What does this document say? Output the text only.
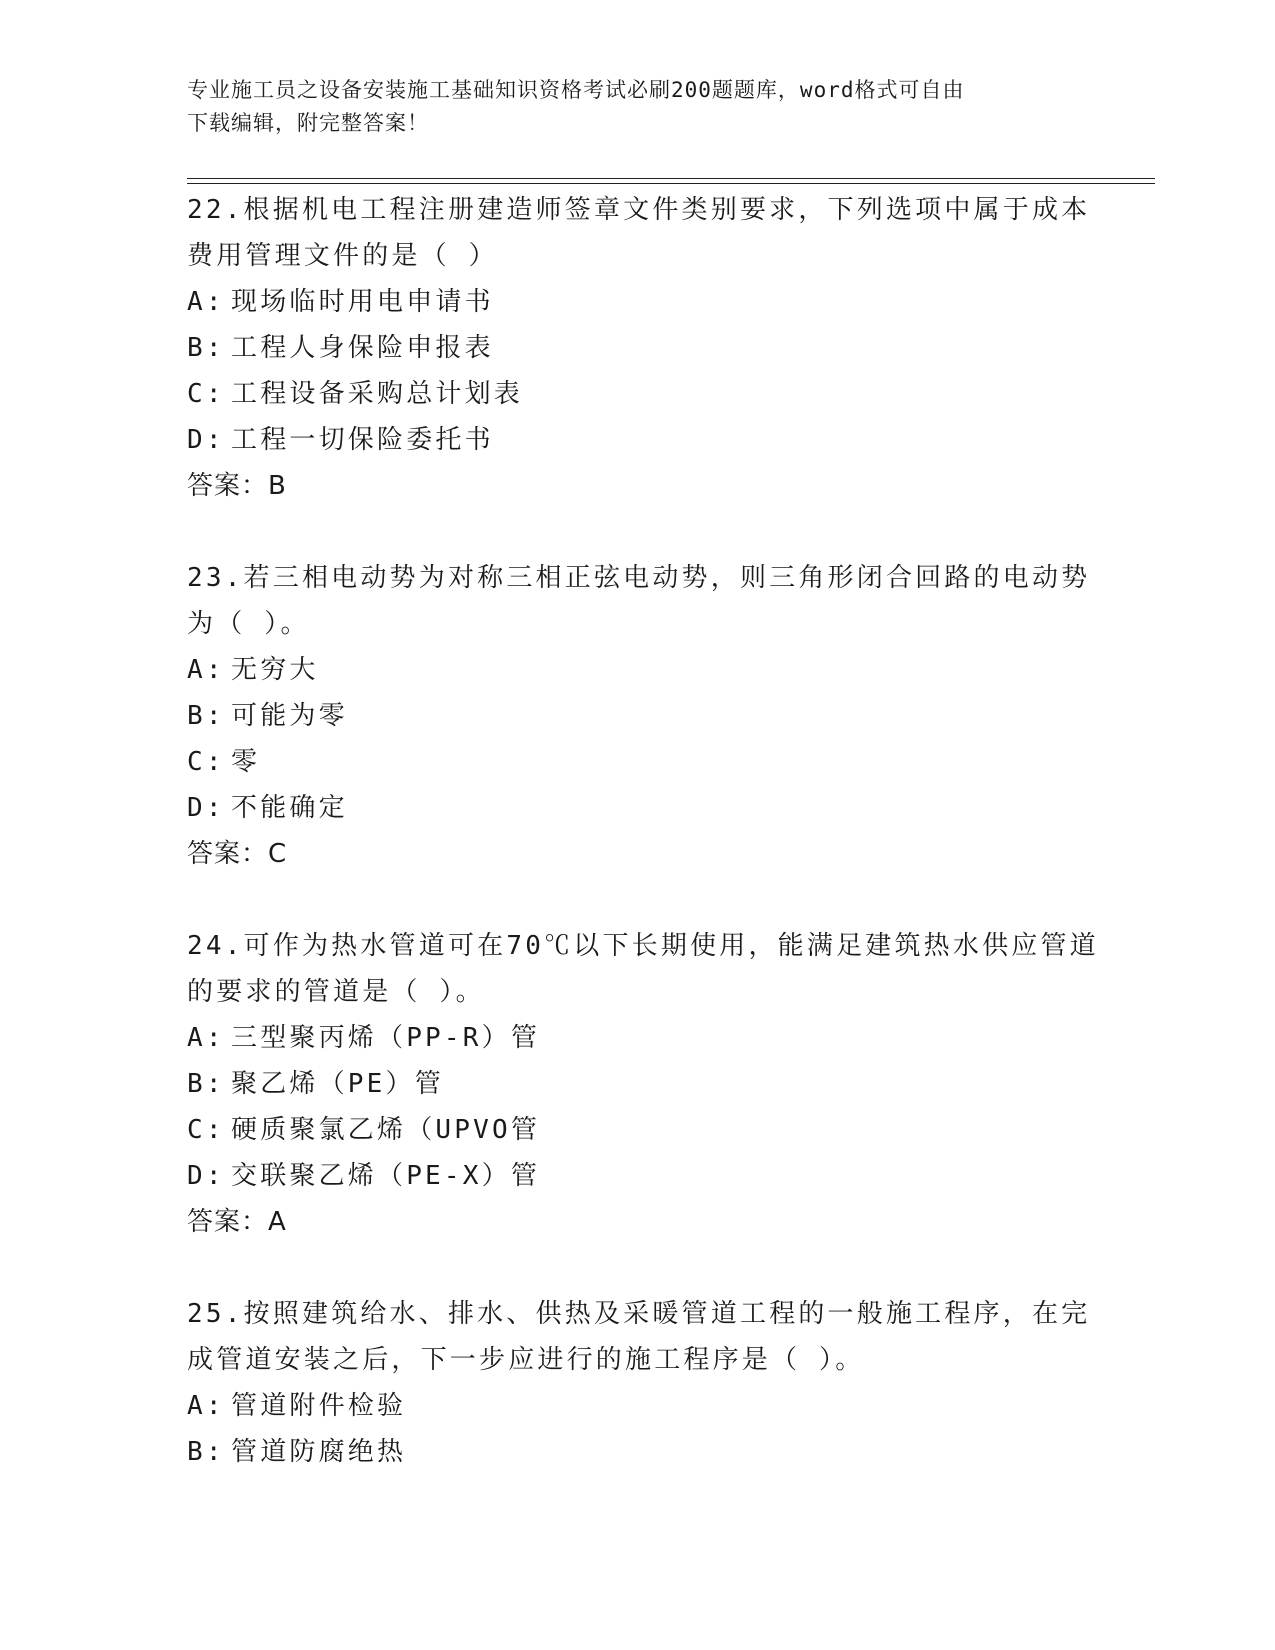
专业施工员之设备安装施工基础知识资格考试必刷200题题库，word格式可自由
下载编辑，附完整答案！
22.根据机电工程注册建造师签章文件类别要求，下列选项中属于成本
费用管理文件的是（ ）
A: 现场临时用电申请书
B: 工程人身保险申报表
C: 工程设备采购总计划表
D: 工程一切保险委托书
答案：B
23.若三相电动势为对称三相正弦电动势，则三角形闭合回路的电动势
为（ ）。
A: 无穷大
B: 可能为零
C: 零
D: 不能确定
答案：C
24.可作为热水管道可在70℃以下长期使用，能满足建筑热水供应管道
的要求的管道是（ ）。
A: 三型聚丙烯（PP-R）管
B: 聚乙烯（PE）管
C: 硬质聚氯乙烯（UPVO管
D: 交联聚乙烯（PE-X）管
答案：A
25.按照建筑给水、排水、供热及采暖管道工程的一般施工程序，在完
成管道安装之后，下一步应进行的施工程序是（ ）。
A: 管道附件检验
B: 管道防腐绝热
